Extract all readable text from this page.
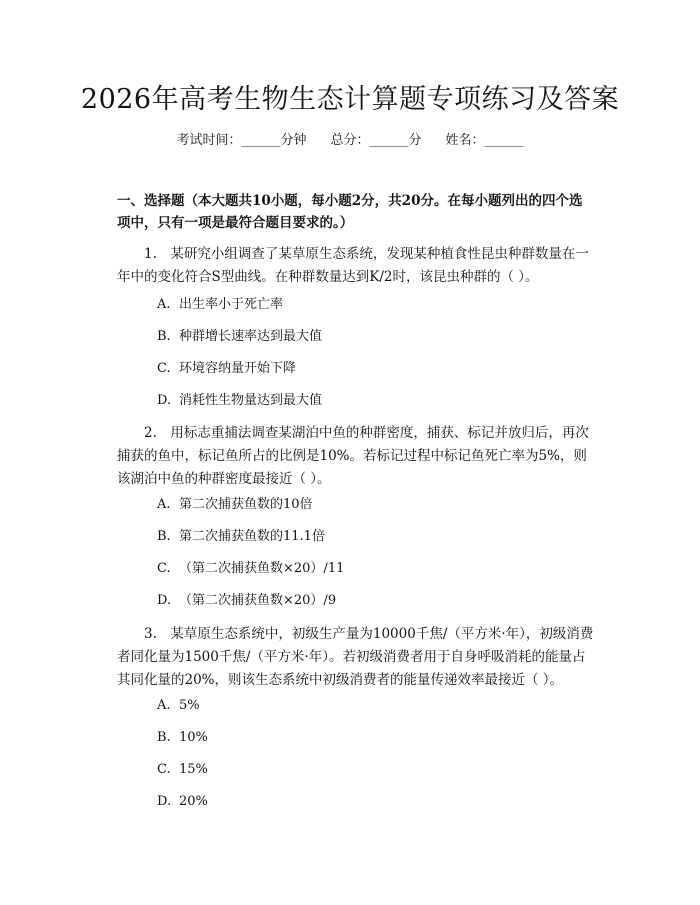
2026年高考生物生态计算题专项练习及答案
考试时间：______分钟 总分：______分 姓名：______
一、选择题（本大题共10小题，每小题2分，共20分。在每小题列出的四个选项中，只有一项是最符合题目要求的。）
1.　某研究小组调查了某草原生态系统，发现某种植食性昆虫种群数量在一年中的变化符合S型曲线。在种群数量达到K/2时，该昆虫种群的（ ）。
A. 出生率小于死亡率
B. 种群增长速率达到最大值
C. 环境容纳量开始下降
D. 消耗性生物量达到最大值
2.　用标志重捕法调查某湖泊中鱼的种群密度，捕获、标记并放归后，再次捕获的鱼中，标记鱼所占的比例是10%。若标记过程中标记鱼死亡率为5%，则该湖泊中鱼的种群密度最接近（ ）。
A. 第二次捕获鱼数的10倍
B. 第二次捕获鱼数的11.1倍
C. （第二次捕获鱼数×20）/11
D. （第二次捕获鱼数×20）/9
3.　某草原生态系统中，初级生产量为10000千焦/（平方米·年），初级消费者同化量为1500千焦/（平方米·年）。若初级消费者用于自身呼吸消耗的能量占其同化量的20%，则该生态系统中初级消费者的能量传递效率最接近（ ）。
A. 5%
B. 10%
C. 15%
D. 20%
